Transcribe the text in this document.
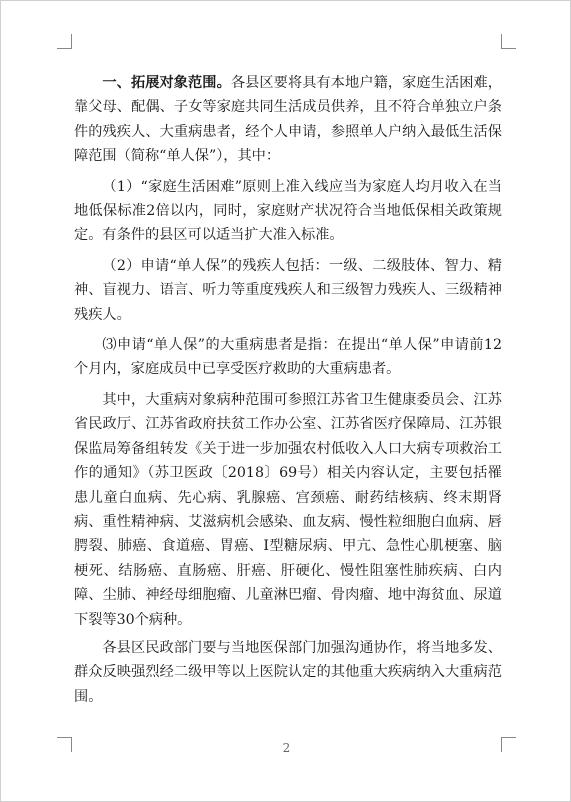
一、拓展对象范围。各县区要将具有本地户籍，家庭生活困难，靠父母、配偶、子女等家庭共同生活成员供养，且不符合单独立户条件的残疾人、大重病患者，经个人申请，参照单人户纳入最低生活保障范围（简称“单人保”），其中：

（1）“家庭生活困难”原则上准入线应当为家庭人均月收入在当地低保标准2倍以内，同时，家庭财产状况符合当地低保相关政策规定。有条件的县区可以适当扩大准入标准。

（2）申请“单人保”的残疾人包括：一级、二级肢体、智力、精神、盲视力、语言、听力等重度残疾人和三级智力残疾人、三级精神残疾人。

⑶申请“单人保”的大重病患者是指：在提出“单人保”申请前12个月内，家庭成员中已享受医疗救助的大重病患者。

其中，大重病对象病种范围可参照江苏省卫生健康委员会、江苏省民政厅、江苏省政府扶贫工作办公室、江苏省医疗保障局、江苏银保监局筹备组转发《关于进一步加强农村低收入人口大病专项救治工作的通知》（苏卫医政〔2018〕69号）相关内容认定，主要包括罹患儿童白血病、先心病、乳腺癌、宫颈癌、耐药结核病、终末期肾病、重性精神病、艾滋病机会感染、血友病、慢性粒细胞白血病、唇腭裂、肺癌、食道癌、胃癌、Ⅰ型糖尿病、甲亢、急性心肌梗塞、脑梗死、结肠癌、直肠癌、肝癌、肝硬化、慢性阻塞性肺疾病、白内障、尘肺、神经母细胞瘤、儿童淋巴瘤、骨肉瘤、地中海贫血、尿道下裂等30个病种。

各县区民政部门要与当地医保部门加强沟通协作，将当地多发、群众反映强烈经二级甲等以上医院认定的其他重大疾病纳入大重病范围。

2
